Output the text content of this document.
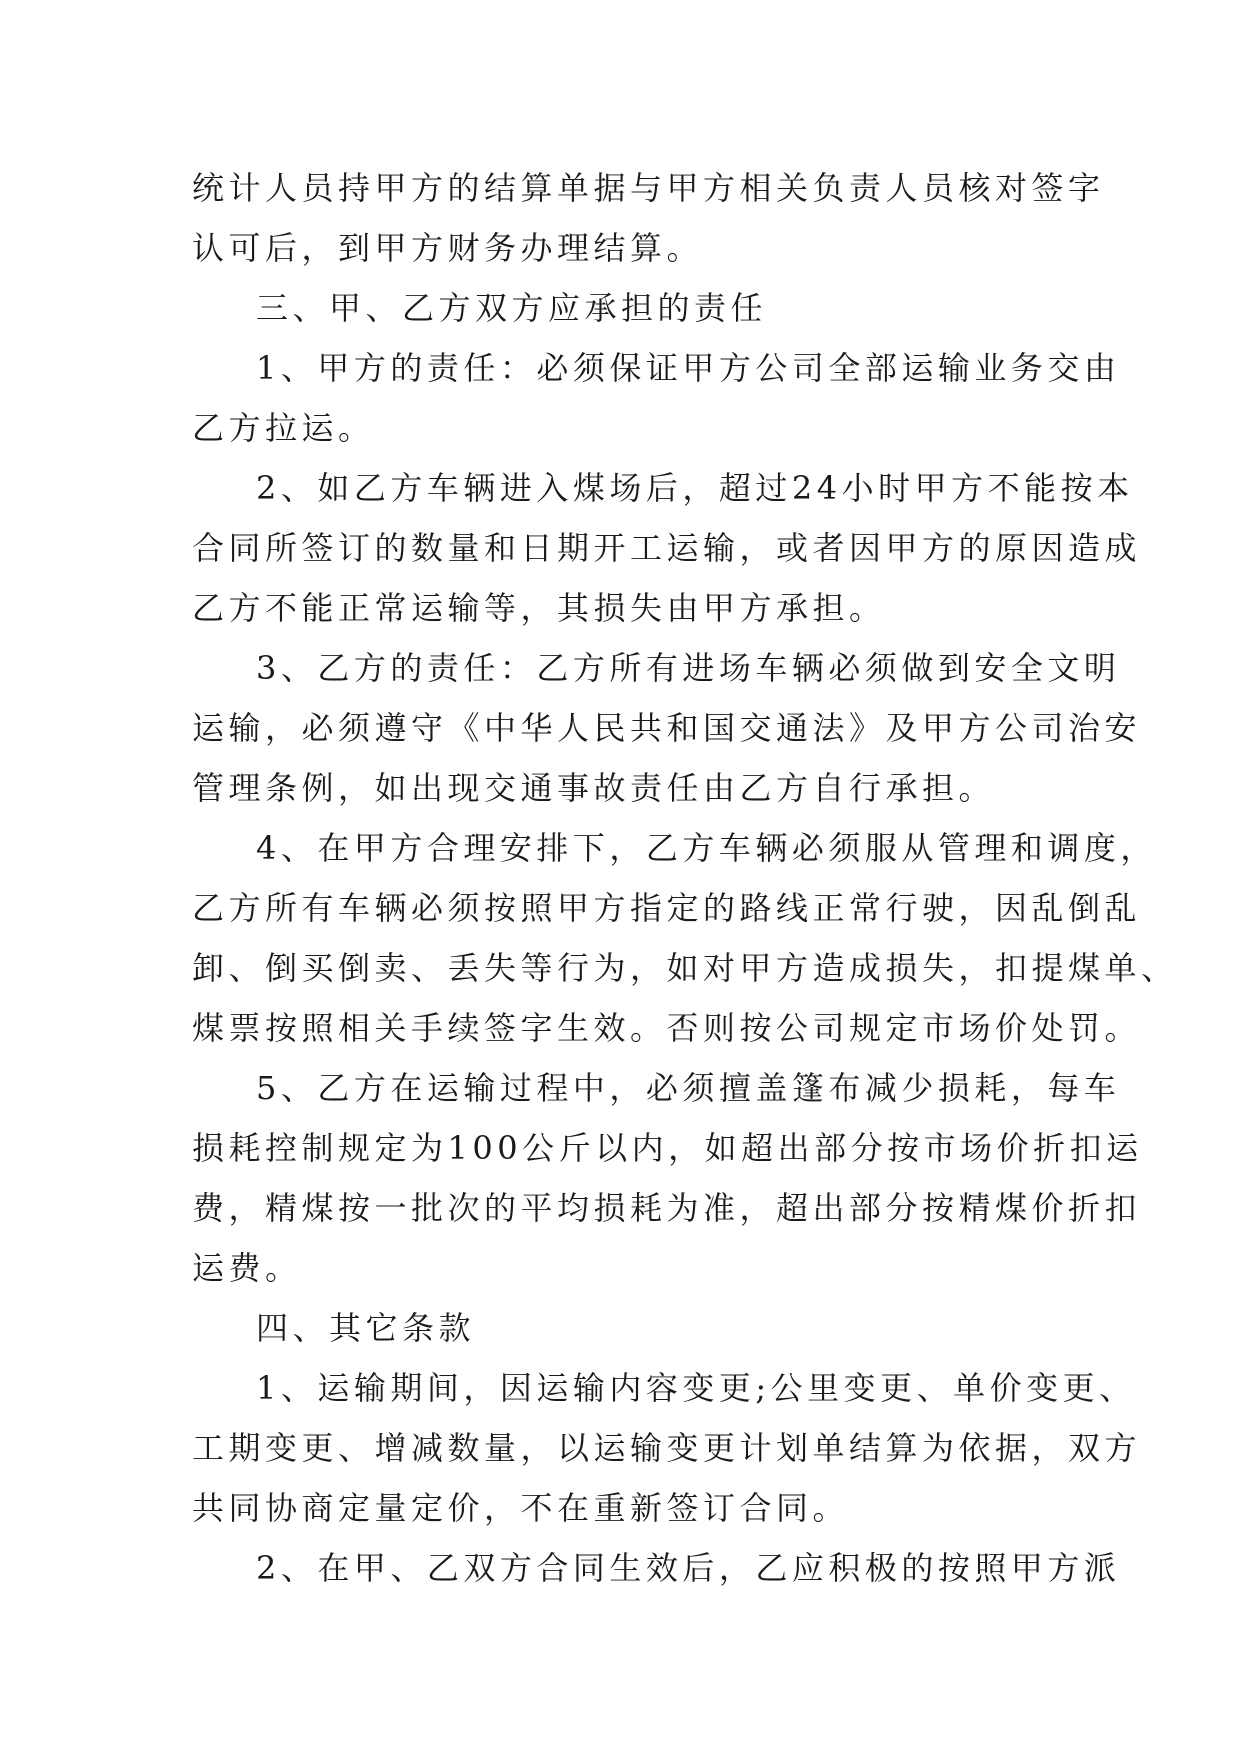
统计人员持甲方的结算单据与甲方相关负责人员核对签字
认可后，到甲方财务办理结算。
三、甲、乙方双方应承担的责任
1、甲方的责任：必须保证甲方公司全部运输业务交由
乙方拉运。
2、如乙方车辆进入煤场后，超过24小时甲方不能按本
合同所签订的数量和日期开工运输，或者因甲方的原因造成
乙方不能正常运输等，其损失由甲方承担。
3、乙方的责任：乙方所有进场车辆必须做到安全文明
运输，必须遵守《中华人民共和国交通法》及甲方公司治安
管理条例，如出现交通事故责任由乙方自行承担。
4、在甲方合理安排下，乙方车辆必须服从管理和调度，
乙方所有车辆必须按照甲方指定的路线正常行驶，因乱倒乱
卸、倒买倒卖、丢失等行为，如对甲方造成损失，扣提煤单、
煤票按照相关手续签字生效。否则按公司规定市场价处罚。
5、乙方在运输过程中，必须擅盖篷布减少损耗，每车
损耗控制规定为100公斤以内，如超出部分按市场价折扣运
费，精煤按一批次的平均损耗为准，超出部分按精煤价折扣
运费。
四、其它条款
1、运输期间，因运输内容变更;公里变更、单价变更、
工期变更、增减数量，以运输变更计划单结算为依据，双方
共同协商定量定价，不在重新签订合同。
2、在甲、乙双方合同生效后，乙应积极的按照甲方派
